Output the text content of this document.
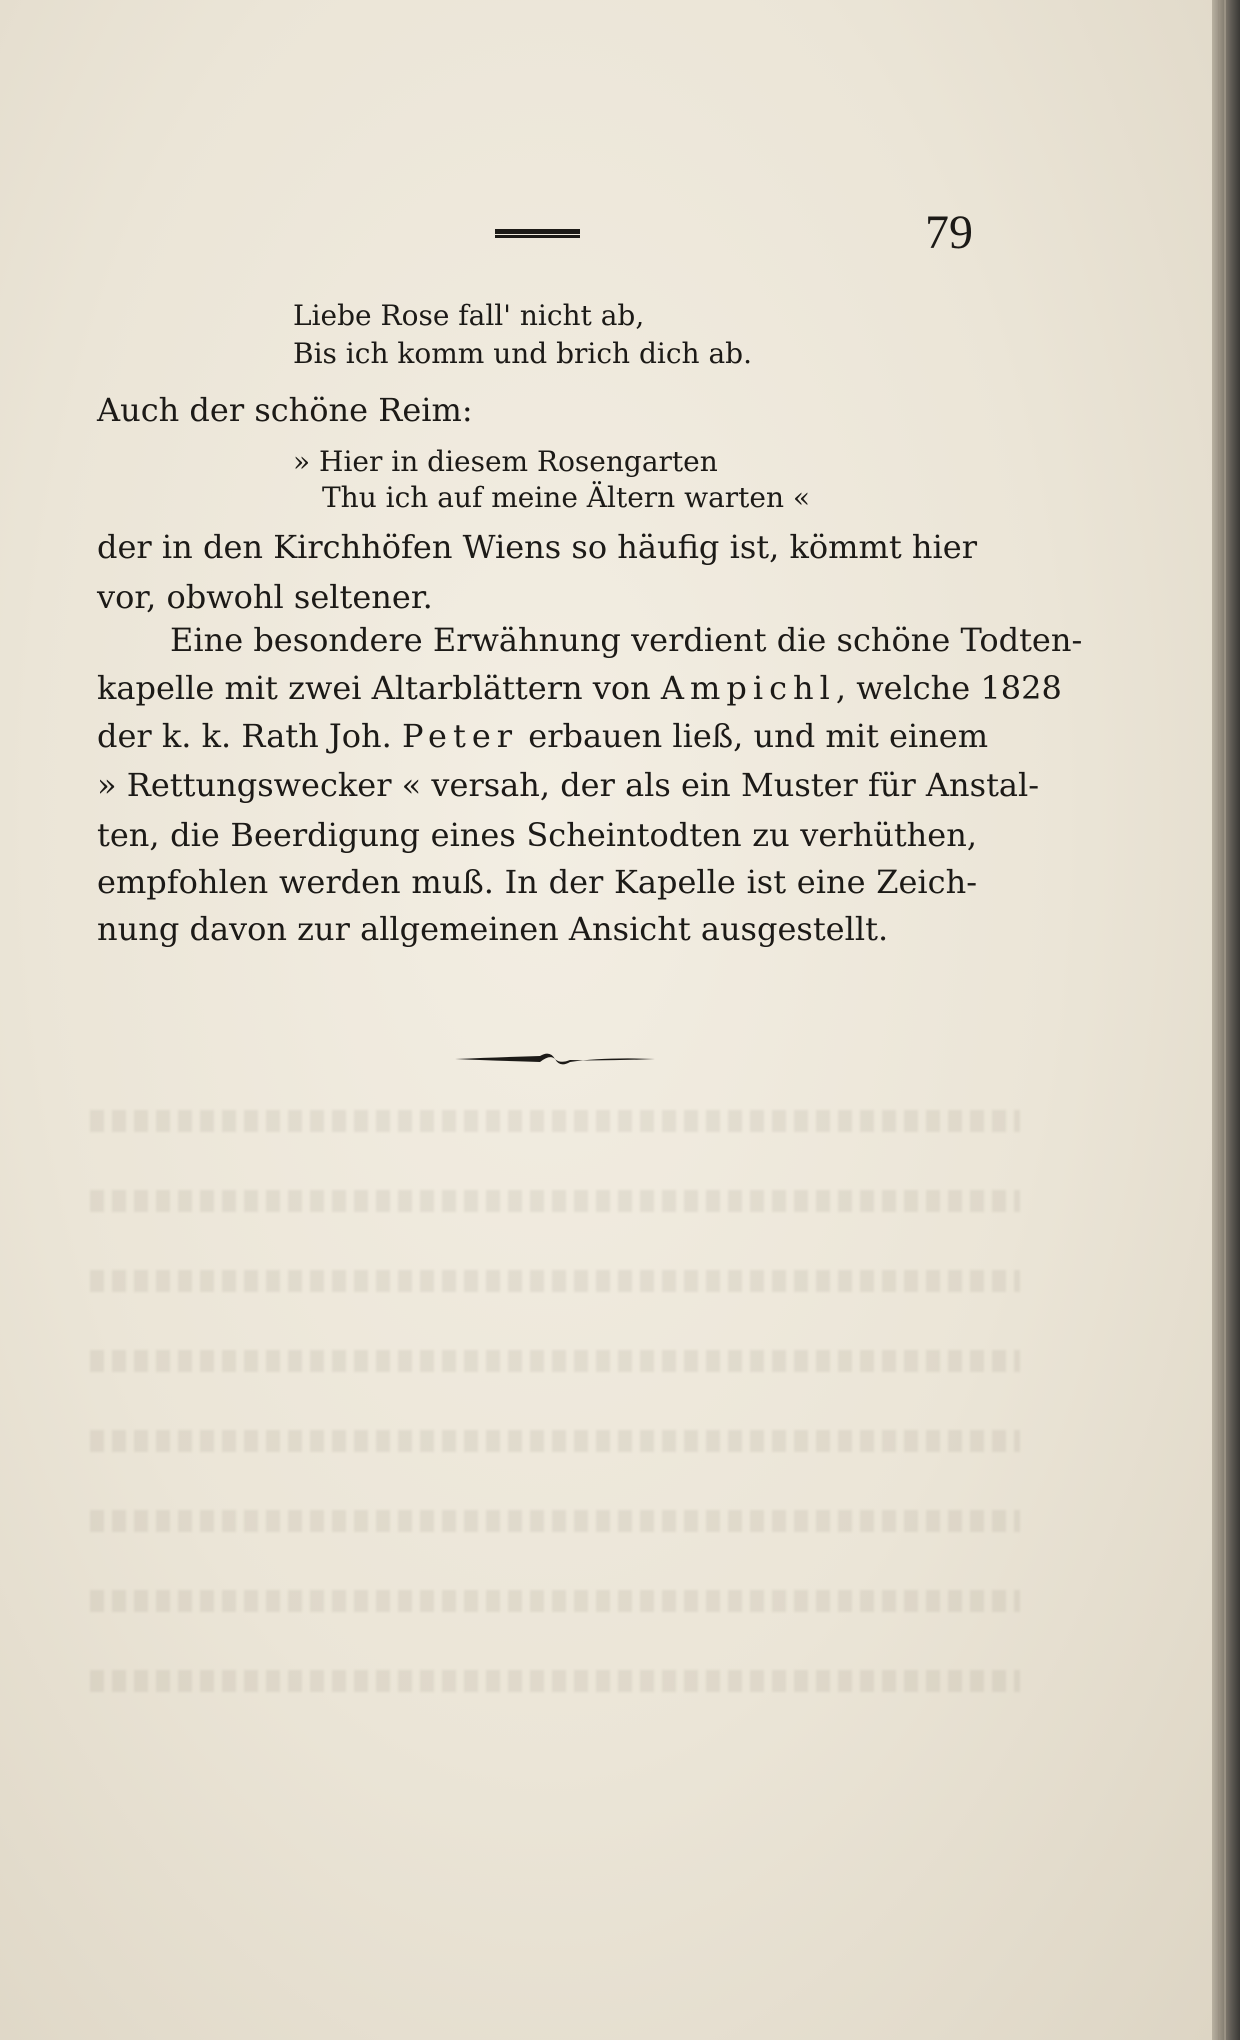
79
Liebe Rose fall' nicht ab,
Bis ich komm und brich dich ab.
Auch der schöne Reim:
» Hier in diesem Rosengarten
Thu ich auf meine Ältern warten «
der in den Kirchhöfen Wiens so häufig ist, kömmt hier
vor, obwohl seltener.
Eine besondere Erwähnung verdient die schöne Todten-
kapelle mit zwei Altarblättern von Ampichl, welche 1828
der k. k. Rath Joh. Peter erbauen ließ, und mit einem
» Rettungswecker « versah, der als ein Muster für Anstal-
ten, die Beerdigung eines Scheintodten zu verhüthen,
empfohlen werden muß. In der Kapelle ist eine Zeich-
nung davon zur allgemeinen Ansicht ausgestellt.
